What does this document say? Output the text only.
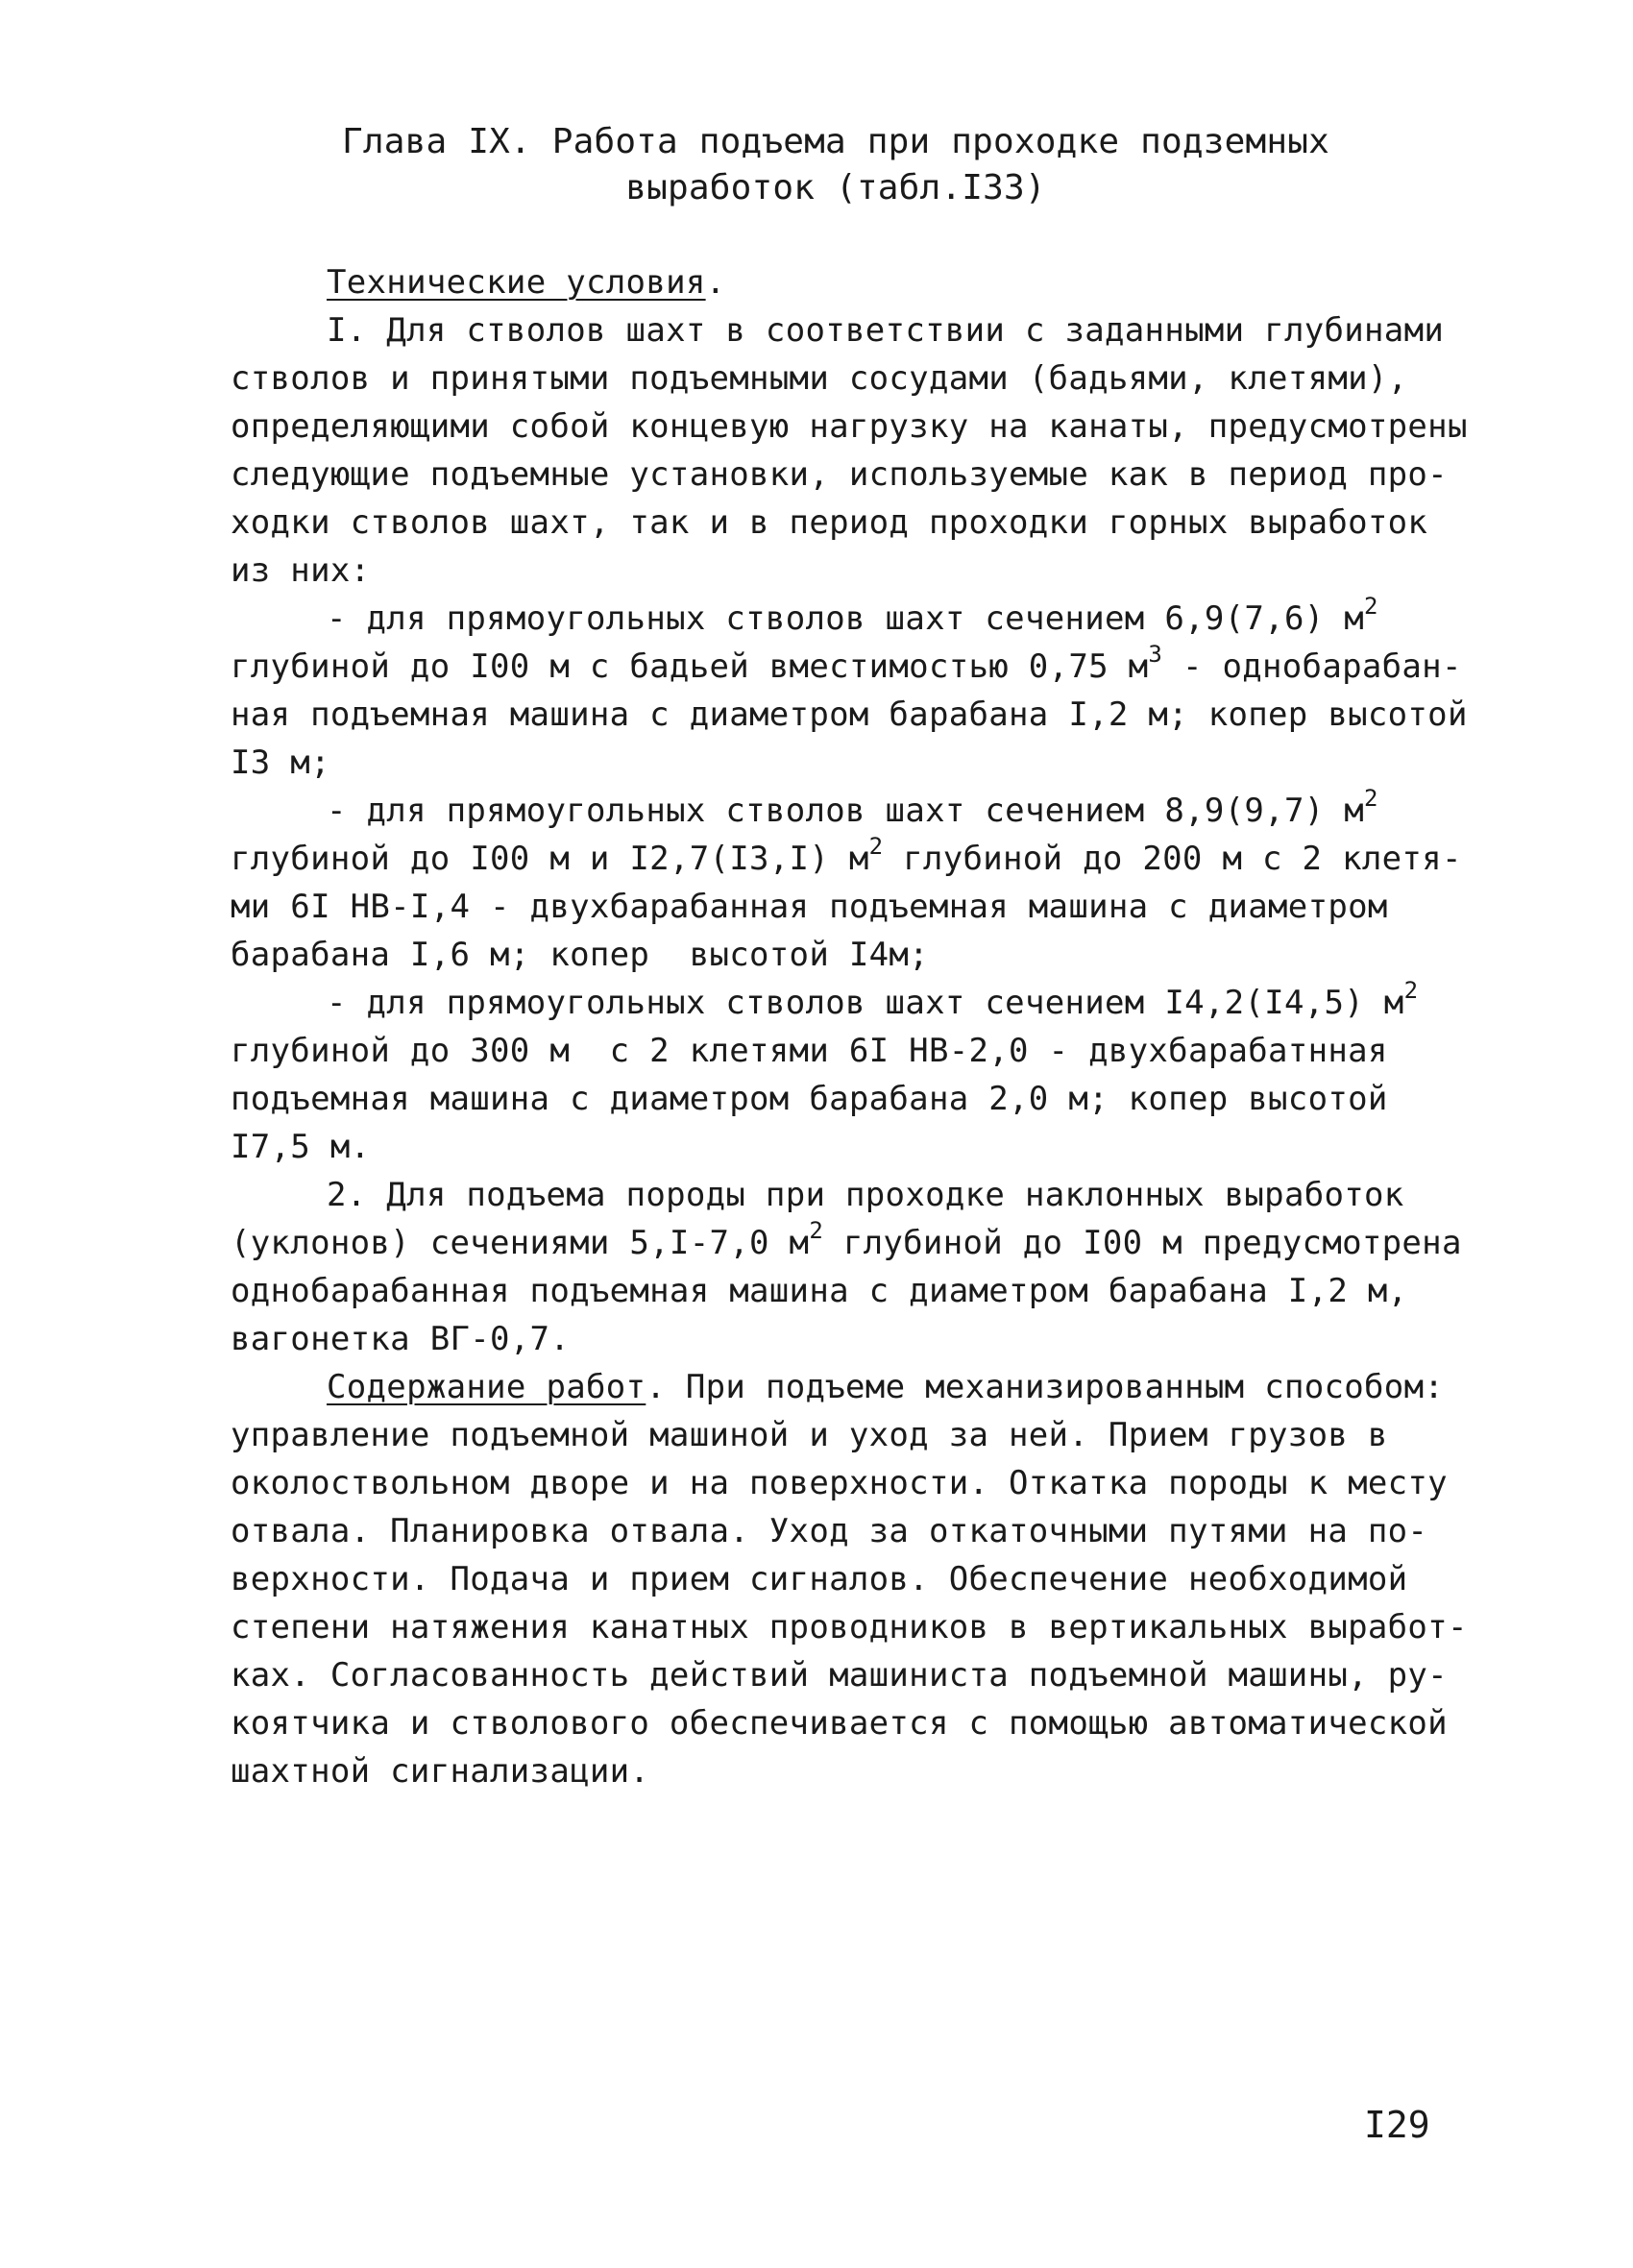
Глава IX. Работа подъема при проходке подземных
выработок (табл.I33)
Технические условия.
I. Для стволов шахт в соответствии с заданными глубинами
стволов и принятыми подъемными сосудами (бадьями, клетями),
определяющими собой концевую нагрузку на канаты, предусмотрены
следующие подъемные установки, используемые как в период про-
ходки стволов шахт, так и в период проходки горных выработок
из них:
- для прямоугольных стволов шахт сечением 6,9(7,6) $м^2$
глубиной до I00 м с бадьей вместимостью 0,75 $м^3$ - однобарабан-
ная подъемная машина с диаметром барабана I,2 м; копер высотой
I3 м;
- для прямоугольных стволов шахт сечением 8,9(9,7) $м^2$
глубиной до I00 м и I2,7(I3,I) $м^2$ глубиной до 200 м с 2 клетя-
ми 6I НВ-I,4 - двухбарабанная подъемная машина с диаметром
барабана I,6 м; копер  высотой I4м;
- для прямоугольных стволов шахт сечением I4,2(I4,5) $м^2$
глубиной до 300 м  с 2 клетями 6I НВ-2,0 - двухбарабатнная
подъемная машина с диаметром барабана 2,0 м; копер высотой
I7,5 м.
2. Для подъема породы при проходке наклонных выработок
(уклонов) сечениями 5,I-7,0 $м^2$ глубиной до I00 м предусмотрена
однобарабанная подъемная машина с диаметром барабана I,2 м,
вагонетка ВГ-0,7.
Содержание работ. При подъеме механизированным способом:
управление подъемной машиной и уход за ней. Прием грузов в
околоствольном дворе и на поверхности. Откатка породы к месту
отвала. Планировка отвала. Уход за откаточными путями на по-
верхности. Подача и прием сигналов. Обеспечение необходимой
степени натяжения канатных проводников в вертикальных выработ-
ках. Согласованность действий машиниста подъемной машины, ру-
коятчика и стволового обеспечивается с помощью автоматической
шахтной сигнализации.
I29
